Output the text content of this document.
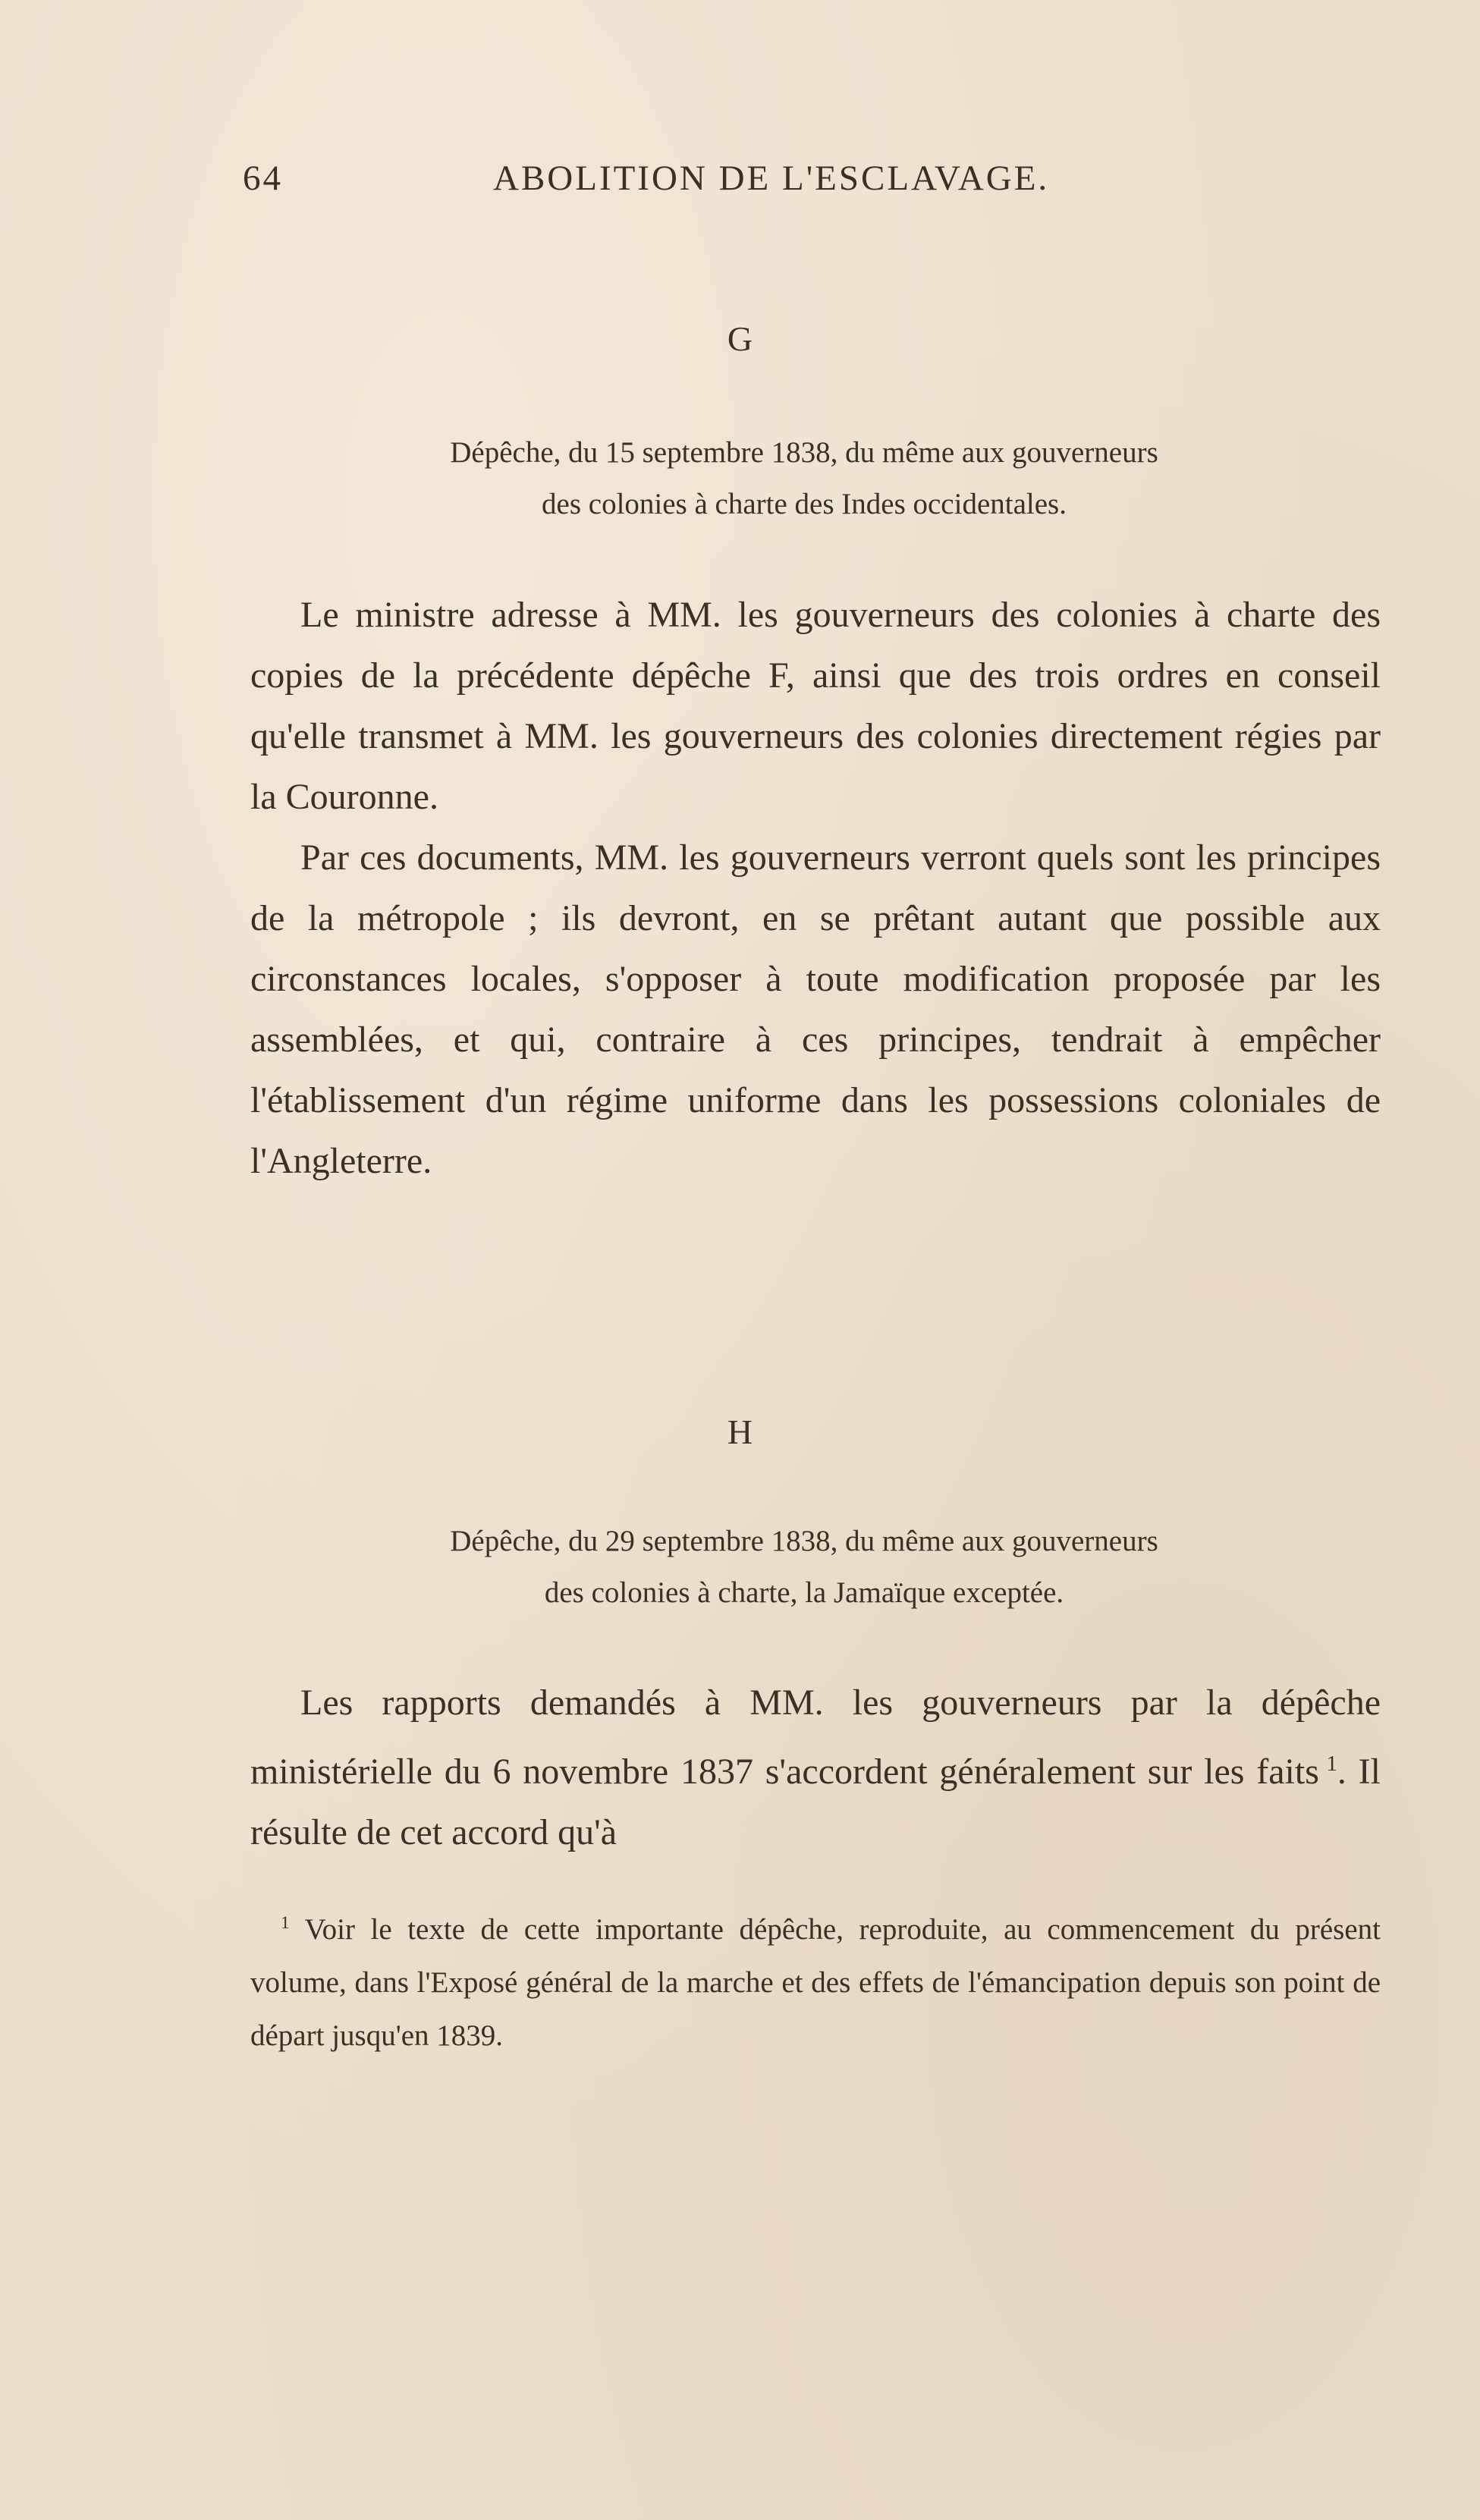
64	ABOLITION DE L'ESCLAVAGE.
G
Dépêche, du 15 septembre 1838, du même aux gouverneurs
des colonies à charte des Indes occidentales.

Le ministre adresse à MM. les gouverneurs des colonies à charte des copies de la précédente dépêche F, ainsi que des trois ordres en conseil qu'elle transmet à MM. les gouverneurs des colonies directement régies par la Couronne.

Par ces documents, MM. les gouverneurs verront quels sont les principes de la métropole ; ils devront, en se prêtant autant que possible aux circonstances locales, s'opposer à toute modification proposée par les assemblées, et qui, contraire à ces principes, tendrait à empêcher l'établissement d'un régime uniforme dans les possessions coloniales de l'Angleterre.

H
Dépêche, du 29 septembre 1838, du même aux gouverneurs
des colonies à charte, la Jamaïque exceptée.

Les rapports demandés à MM. les gouverneurs par la dépêche ministérielle du 6 novembre 1837 s'accordent généralement sur les faits  $^1$. Il résulte de cet accord qu'à

$^1$ Voir le texte de cette importante dépêche, reproduite, au commencement du présent volume, dans l'Exposé général de la marche et des effets de l'émancipation depuis son point de départ jusqu'en 1839.
